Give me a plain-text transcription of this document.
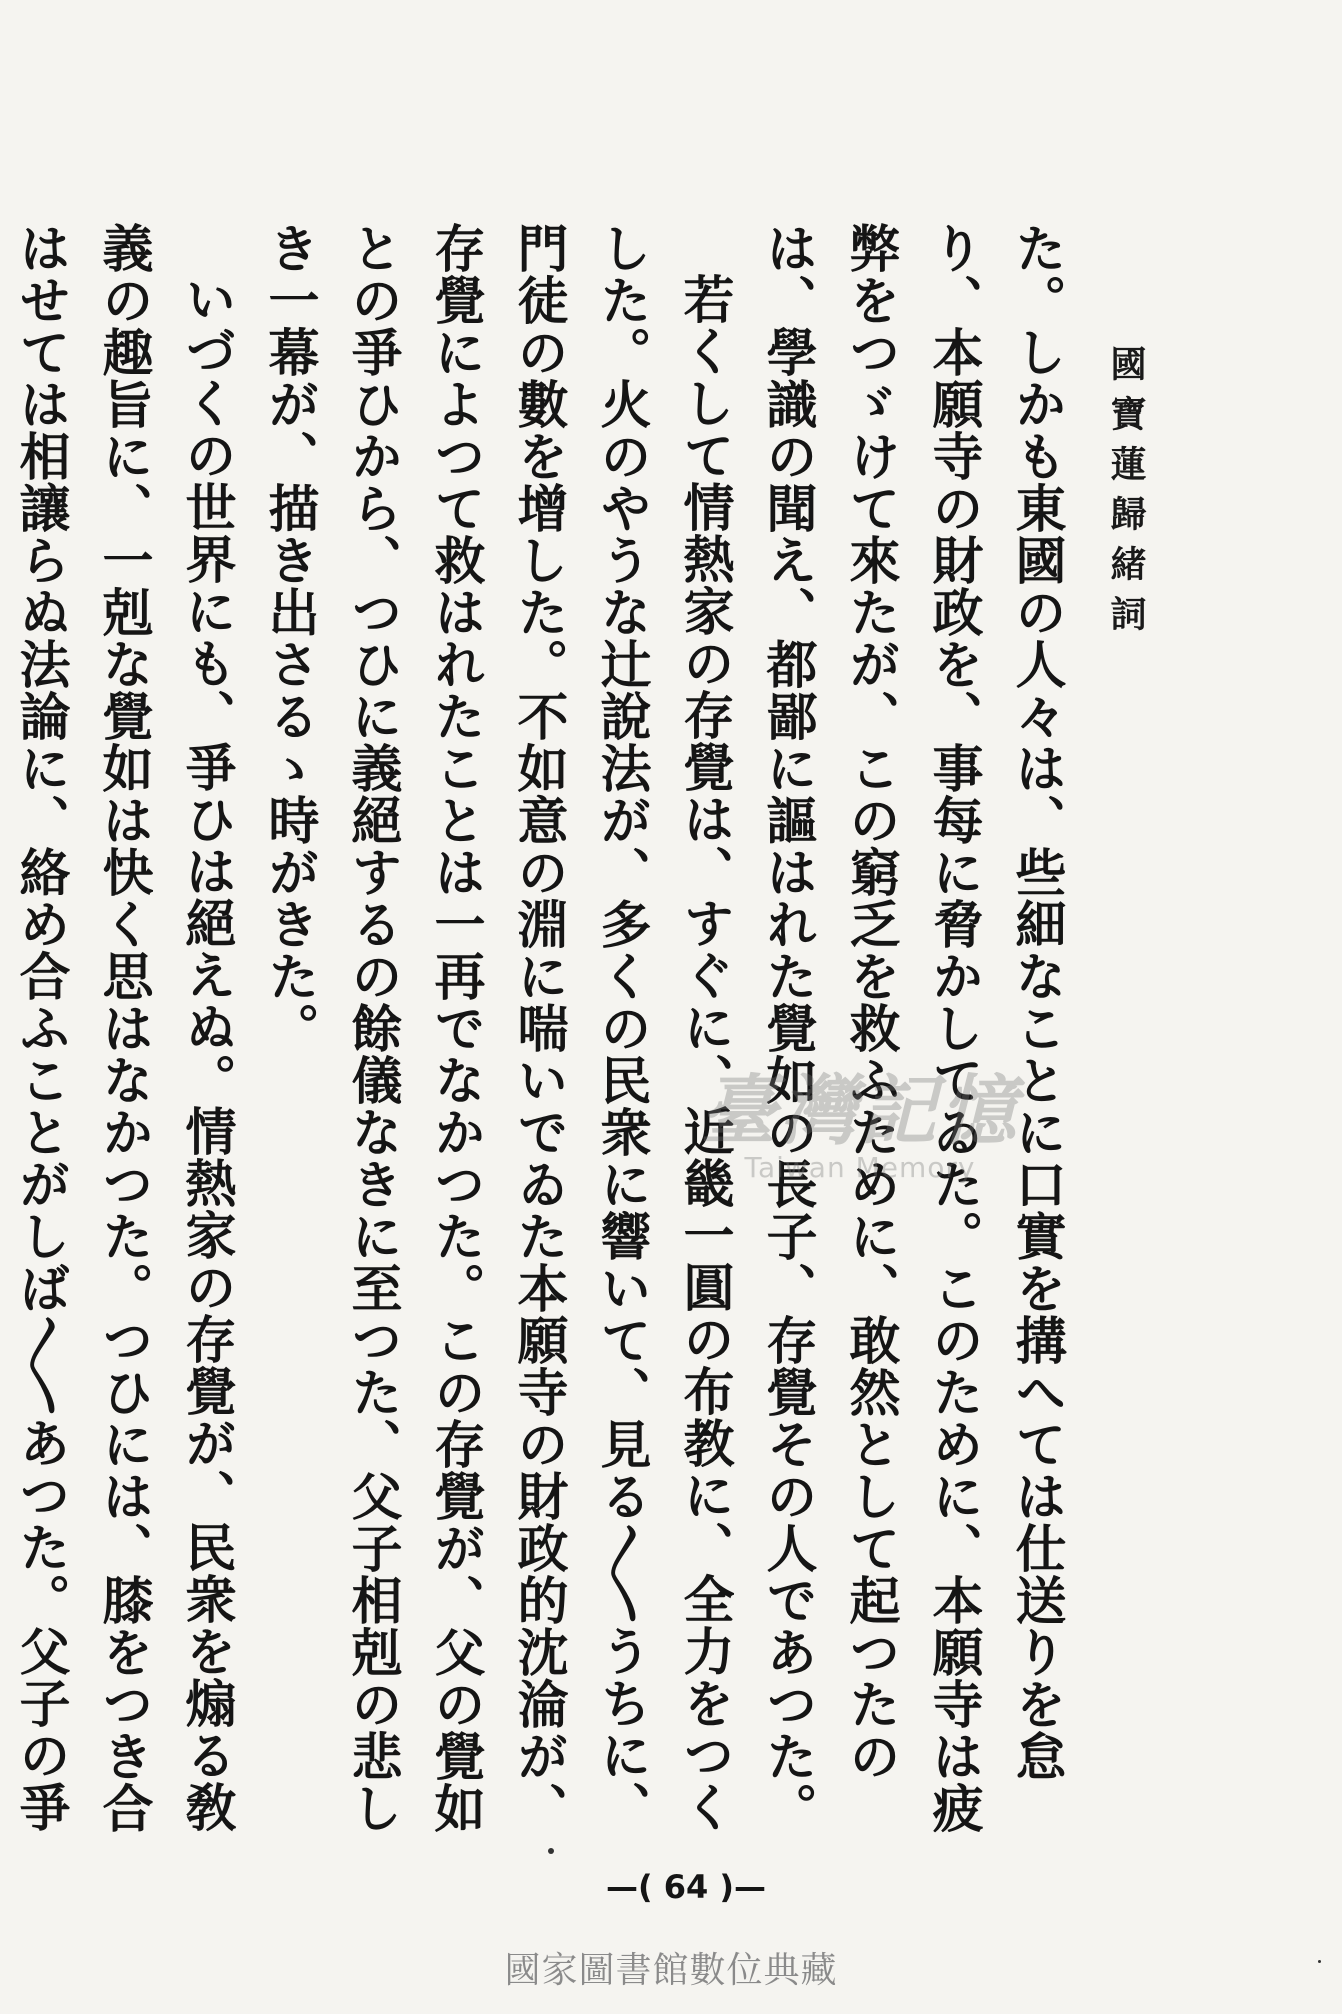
國寶蓮歸緒詞

た。しかも東國の人々は、些細なことに口實を搆へては仕送りを怠り、本願寺の財政を、事每に脅かしてゐた。このために、本願寺は疲弊をつゞけて來たが、この窮乏を救ふために、敢然として起つたのは、學識の聞え、都鄙に謳はれた覺如の長子、存覺その人であつた。

若くして情熱家の存覺は、すぐに、近畿一圓の布教に、全力をつくした。火のやうな辻說法が、多くの民衆に響いて、見る〳〵うちに、門徒の數を增した。不如意の淵に喘いでゐた本願寺の財政的沈淪が、存覺によつて救はれたことは一再でなかつた。この存覺が、父の覺如との爭ひから、つひに義絕するの餘儀なきに至つた、父子相剋の悲しき一幕が、描き出さるゝ時がきた。

いづくの世界にも、爭ひは絕えぬ。情熱家の存覺が、民衆を煽る敎義の趣旨に、一剋な覺如は快く思はなかつた。つひには、膝をつき合はせては相讓らぬ法論に、絡め合ふことがしば〳〵あつた。父子の爭

臺灣記憶
Taiwan Memory
—( 64 )—
國家圖書館數位典藏
